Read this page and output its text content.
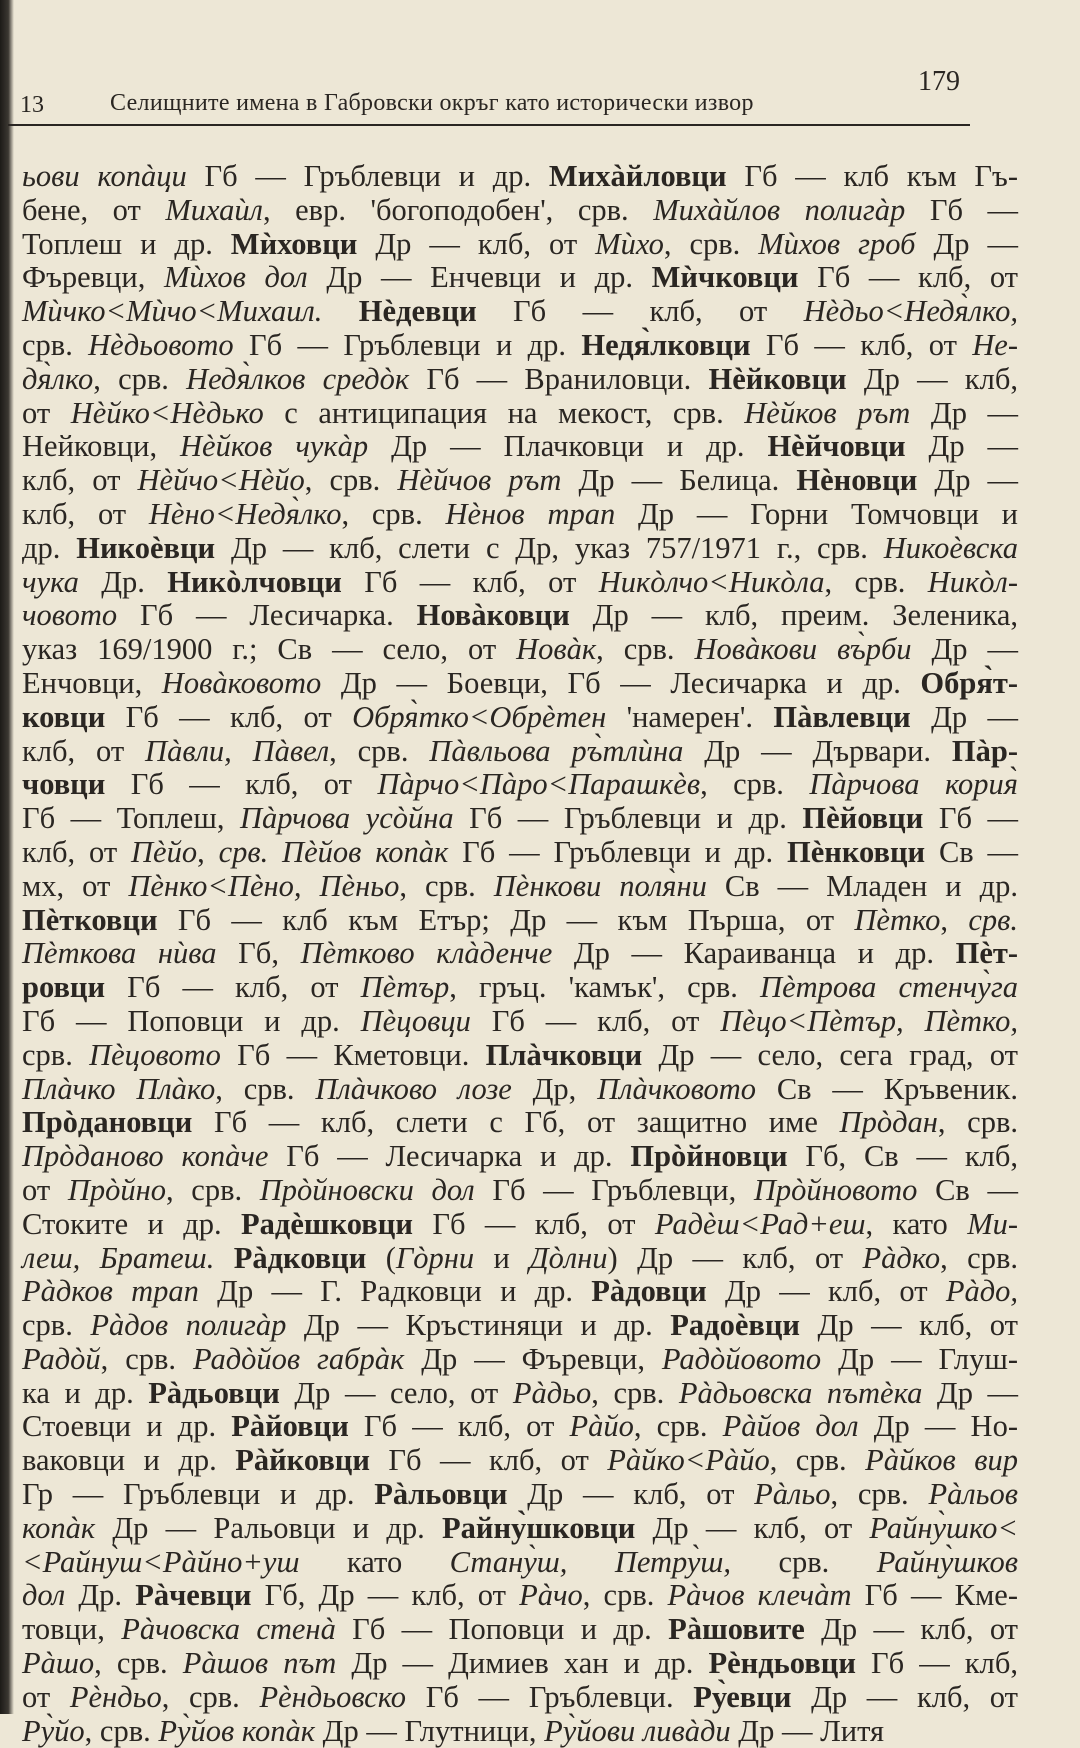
13	Селищните имена в Габровски окръг като исторически извор
179
ьови копàци Гб — Гръблевци и др. Михàйловци Гб — клб към Гъ-
бене, от Михаѝл, евр. 'богоподобен', срв. Михàйлов полигàр Гб —
Топлеш и др. Мѝховци Др — клб, от Мѝхо, срв. Мѝхов гроб Др —
Фъревци, Мѝхов дол Др — Енчевци и др. Мѝчковци Гб — клб, от
Мѝчко<Мѝчо<Михаил. Нèдевци Гб — клб, от Нèдьо<Недя̀лко,
срв. Нèдьовото Гб — Гръблевци и др. Недя̀лковци Гб — клб, от Не-
дя̀лко, срв. Недя̀лков средòк Гб — Враниловци. Нèйковци Др — клб,
от Нèйко<Нèдько с антиципация на мекост, срв. Нèйков рът Др —
Нейковци, Нèйков чукàр Др — Плачковци и др. Нèйчовци Др —
клб, от Нèйчо<Нèйо, срв. Нèйчов рът Др — Белица. Нèновци Др —
клб, от Нèно<Недя̀лко, срв. Нèнов трап Др — Горни Томчовци и
др. Никоѐвци Др — клб, слети с Др, указ 757/1971 г., срв. Никоѐвска
чука Др. Никòлчовци Гб — клб, от Никòлчо<Никòла, срв. Никòл-
човото Гб — Лесичарка. Новàковци Др — клб, преим. Зеленика,
указ 169/1900 г.; Св — село, от Новàк, срв. Новàкови въ̀рби Др —
Енчовци, Новàковото Др — Боевци, Гб — Лесичарка и др. Обря̀т-
ковци Гб — клб, от Обря̀тко<Обрèтен 'намерен'. Пàвлевци Др —
клб, от Пàвли, Пàвел, срв. Пàвльова ръ̀тлѝна Др — Дървари. Пàр-
човци Гб — клб, от Пàрчо<Пàро<Парашкѐв, срв. Пàрчова кория̀
Гб — Топлеш, Пàрчова усòйна Гб — Гръблевци и др. Пèйовци Гб —
клб, от Пèйо, срв. Пèйов копàк Гб — Гръблевци и др. Пèнковци Св —
мх, от Пèнко<Пèно, Пèньо, срв. Пèнкови поля̀ни Св — Младен и др.
Пèтковци Гб — клб към Етър; Др — към Пърша, от Пèтко, срв.
Пèткова нѝва Гб, Пèтково клàденче Др — Караиванца и др. Пèт-
ровци Гб — клб, от Пèтър, гръц. 'камък', срв. Пèтрова стенчу̀га
Гб — Поповци и др. Пèцовци Гб — клб, от Пèцо<Пèтър, Пèтко,
срв. Пèцовото Гб — Кметовци. Плàчковци Др — село, сега град, от
Плàчко Плàко, срв. Плàчково лозе Др, Плàчковото Св — Кръвеник.
Прòдановци Гб — клб, слети с Гб, от защитно име Прòдан, срв.
Прòданово копàче Гб — Лесичарка и др. Прòйновци Гб, Св — клб,
от Прòйно, срв. Прòйновски дол Гб — Гръблевци, Прòйновото Св —
Стоките и др. Радѐшковци Гб — клб, от Радѐш<Рад+еш, като Ми-
леш, Братеш. Рàдковци (Гòрни и Дòлни) Др — клб, от Рàдко, срв.
Рàдков трап Др — Г. Радковци и др. Рàдовци Др — клб, от Рàдо,
срв. Рàдов полигàр Др — Кръстиняци и др. Радоѐвци Др — клб, от
Радòй, срв. Радòйов габрàк Др — Фъревци, Радòйовото Др — Глуш-
ка и др. Рàдьовци Др — село, от Рàдьо, срв. Рàдьовска пътèка Др —
Стоевци и др. Рàйовци Гб — клб, от Рàйо, срв. Рàйов дол Др — Но-
ваковци и др. Рàйковци Гб — клб, от Рàйко<Рàйо, срв. Рàйков вир
Гр — Гръблевци и др. Рàльовци Др — клб, от Рàльо, срв. Рàльов
копàк Др — Ральовци и др. Райну̀шковци Др — клб, от Райну̀шко<
<Райну̀ш<Рàйно+уш като Стану̀ш, Петру̀ш, срв. Райну̀шков
дол Др. Рàчевци Гб, Др — клб, от Рàчо, срв. Рàчов клечàт Гб — Кме-
товци, Рàчовска стенà Гб — Поповци и др. Рàшовите Др — клб, от
Рàшо, срв. Рàшов път Др — Димиев хан и др. Рèндьовци Гб — клб,
от Рèндьо, срв. Рèндьовско Гб — Гръблевци. Ру̀евци Др — клб, от
Ру̀йо, срв. Ру̀йов копàк Др — Глутници, Ру̀йови ливàди Др — Литя
